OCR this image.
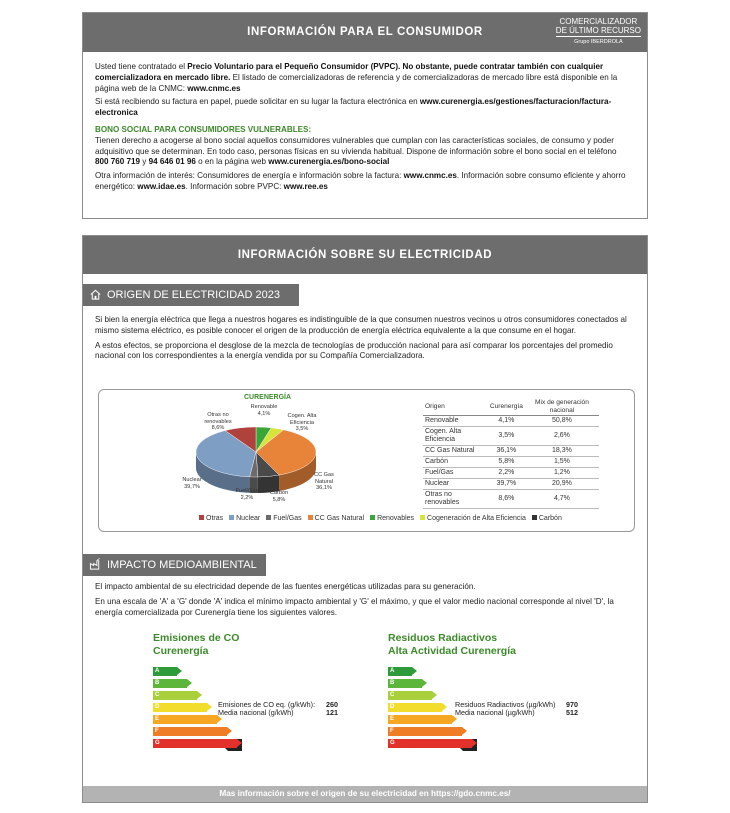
INFORMACIÓN PARA EL CONSUMIDOR
COMERCIALIZADOR
DE ÚLTIMO RECURSO
Grupo IBERDROLA

Usted tiene contratado el Precio Voluntario para el Pequeño Consumidor (PVPC). No obstante, puede contratar también con cualquier comercializadora en mercado libre. El listado de comercializadoras de referencia y de comercializadoras de mercado libre está disponible en la página web de la CNMC: www.cnmc.es

Si está recibiendo su factura en papel, puede solicitar en su lugar la factura electrónica en www.curenergia.es/gestiones/facturacion/factura-electronica

BONO SOCIAL PARA CONSUMIDORES VULNERABLES:

Tienen derecho a acogerse al bono social aquellos consumidores vulnerables que cumplan con las características sociales, de consumo y poder adquisitivo que se determinan. En todo caso, personas físicas en su vivienda habitual. Dispone de información sobre el bono social en el teléfono 800 760 719 y 94 646 01 96 o en la página web www.curenergia.es/bono-social

Otra información de interés: Consumidores de energía e información sobre la factura: www.cnmc.es. Información sobre consumo eficiente y ahorro energético: www.idae.es. Información sobre PVPC: www.ree.es

INFORMACIÓN SOBRE SU ELECTRICIDAD
ORIGEN DE ELECTRICIDAD 2023

Si bien la energía eléctrica que llega a nuestros hogares es indistinguible de la que consumen nuestros vecinos u otros consumidores conectados al mismo sistema eléctrico, es posible conocer el origen de la producción de energía eléctrica equivalente a la que consume en el hogar.

A estos efectos, se proporciona el desglose de la mezcla de tecnologías de producción nacional para así comparar los porcentajes del promedio nacional con los correspondientes a la energía vendida por su Compañía Comercializadora.

CURENERGÍA
Renovable
4,1%	Cogen. Alta Eficiencia
3,5%
CC Gas
Natural
36,1%
Carbón
5,8%
Fuel/Gas
2,2%
Nuclear
39,7%
Otras no renovables
8,6%
Origen	Curenergía	Mix de generación nacional
Renovable	4,1%	50,8%
Cogen. Alta Eficiencia	3,5%	2,6%
CC Gas Natural	36,1%	18,3%
Carbón	5,8%	1,5%
Fuel/Gas	2,2%	1,2%
Nuclear	39,7%	20,9%
Otras no renovables	8,6%	4,7%
Otras Nuclear Fuel/Gas CC Gas Natural Renovables Cogeneración de Alta Eficiencia Carbón
IMPACTO MEDIOAMBIENTAL

El impacto ambiental de su electricidad depende de las fuentes energéticas utilizadas para su generación.

En una escala de 'A' a 'G' donde 'A' indica el mínimo impacto ambiental y 'G' el máximo, y que el valor medio nacional corresponde al nivel 'D', la energía comercializada por Curenergía tiene los siguientes valores.

Emisiones de CO
Curenergía
Emisiones de CO eq. (g/kWh):	260
Media nacional (g/kWh)	121
A
B
C
D
E
F
G
Residuos Radiactivos
Alta Actividad Curenergía
Residuos Radiactivos (µg/kWh)	970
Media nacional (µg/kWh)	512
A
B
C
D
E
F
G
Mas información sobre el origen de su electricidad en https://gdo.cnmc.es/
